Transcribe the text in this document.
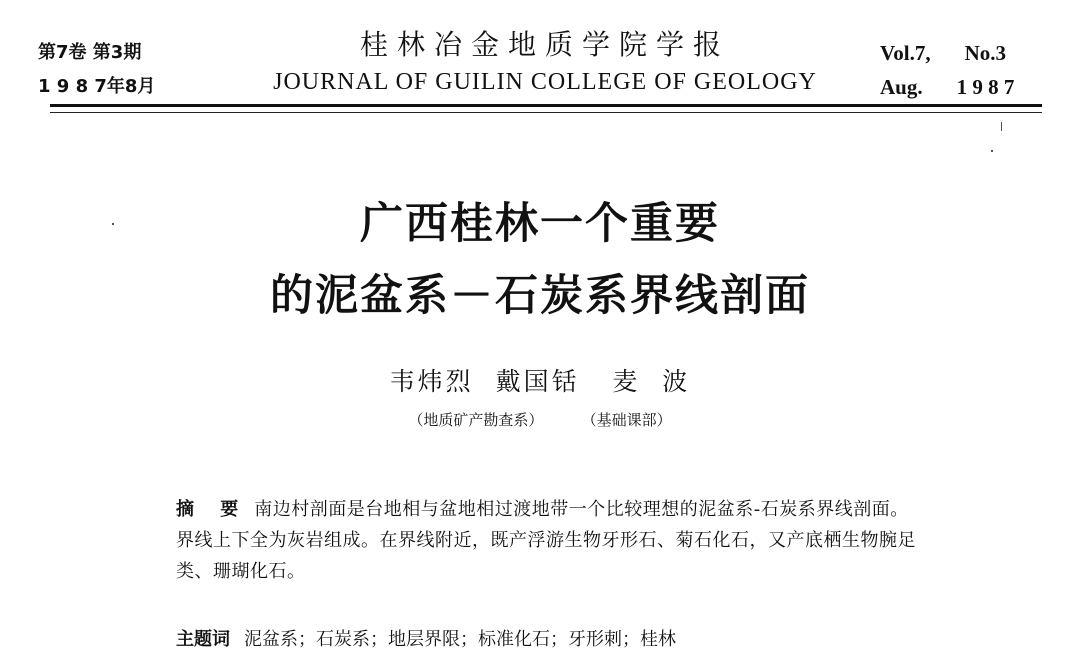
第7卷 第3期
1 9 8 7年8月
桂林冶金地质学院学报
JOURNAL OF GUILIN COLLEGE OF GEOLOGY
Vol.7, No.3
Aug. 1 9 8 7
广西桂林一个重要
的泥盆系－石炭系界线剖面
韦炜烈  戴国铦   麦  波
（地质矿产勘查系）        （基础课部）
摘 要 南边村剖面是台地相与盆地相过渡地带一个比较理想的泥盆系-石炭系界线剖面。界线上下全为灰岩组成。在界线附近，既产浮游生物牙形石、菊石化石，又产底栖生物腕足类、珊瑚化石。
主题词 泥盆系；石炭系；地层界限；标准化石；牙形刺；桂林
